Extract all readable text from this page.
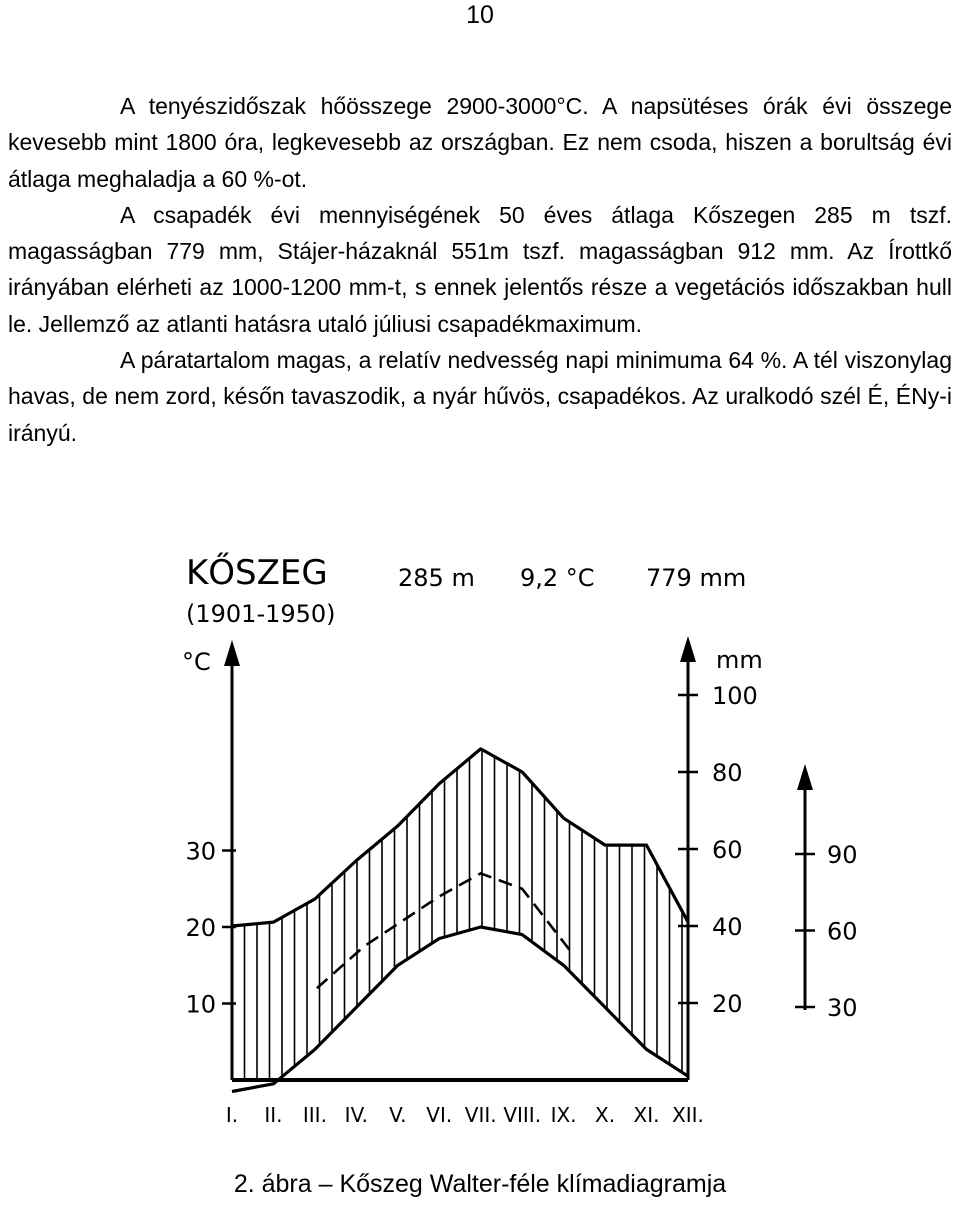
10

A tenyészidőszak hőösszege 2900-3000°C. A napsütéses órák évi összege kevesebb mint 1800 óra, legkevesebb az országban. Ez nem csoda, hiszen a borultság évi átlaga meghaladja a 60 %-ot.

A csapadék évi mennyiségének 50 éves átlaga Kőszegen 285 m tszf. magasságban 779 mm, Stájer-házaknál 551m tszf. magasságban 912 mm. Az Írottkő irányában elérheti az 1000-1200 mm-t, s ennek jelentős része a vegetációs időszakban hull le. Jellemző az atlanti hatásra utaló júliusi csapadékmaximum.

A páratartalom magas, a relatív nedvesség napi minimuma 64 %. A tél viszonylag havas, de nem zord, későn tavaszodik, a nyár hűvös, csapadékos. Az uralkodó szél É, ÉNy-i irányú.

KŐSZEG
(1901-1950)
285 m 9,2 °C 779 mm
°C	mm
10
20
30
20
40
60
80
100
30
60
90
I. II. III. IV. V. VI. VII. VIII. IX. X. XI. XII.
2. ábra – Kőszeg Walter-féle klímadiagramja
